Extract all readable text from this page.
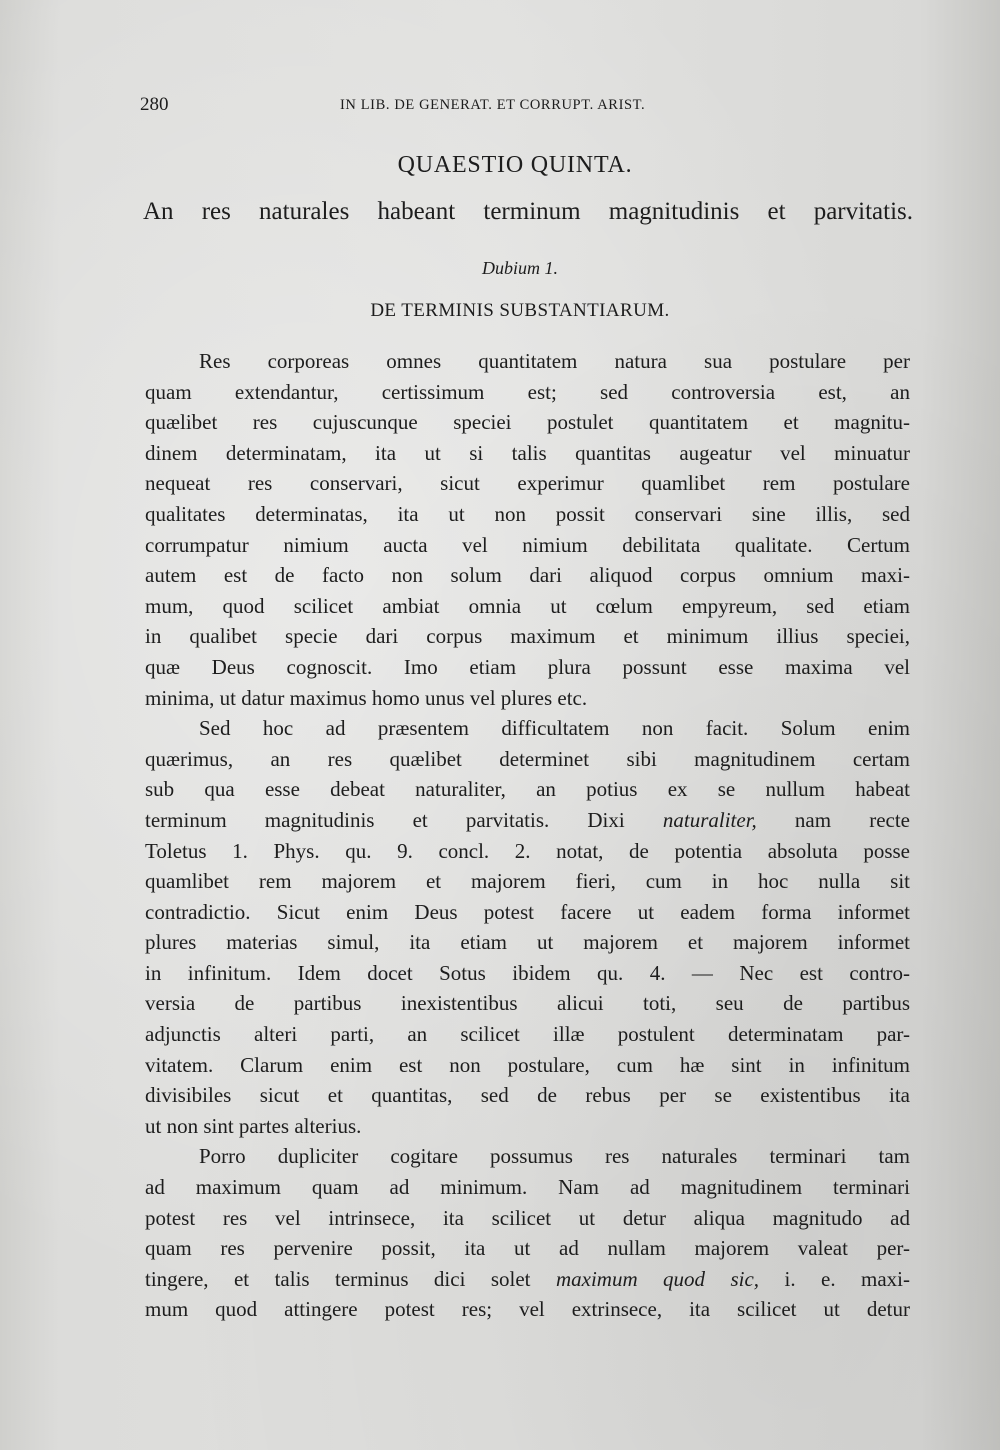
280	IN LIB. DE GENERAT. ET CORRUPT. ARIST.
QUAESTIO QUINTA.
An res naturales habeant terminum magnitudinis et parvitatis.
Dubium 1.
DE TERMINIS SUBSTANTIARUM.
Res corporeas omnes quantitatem natura sua postulare per
quam extendantur, certissimum est; sed controversia est, an
quælibet res cujuscunque speciei postulet quantitatem et magnitu-
dinem determinatam, ita ut si talis quantitas augeatur vel minuatur
nequeat res conservari, sicut experimur quamlibet rem postulare
qualitates determinatas, ita ut non possit conservari sine illis, sed
corrumpatur nimium aucta vel nimium debilitata qualitate. Certum
autem est de facto non solum dari aliquod corpus omnium maxi-
mum, quod scilicet ambiat omnia ut cœlum empyreum, sed etiam
in qualibet specie dari corpus maximum et minimum illius speciei,
quæ Deus cognoscit. Imo etiam plura possunt esse maxima vel
minima, ut datur maximus homo unus vel plures etc.
Sed hoc ad præsentem difficultatem non facit. Solum enim
quærimus, an res quælibet determinet sibi magnitudinem certam
sub qua esse debeat naturaliter, an potius ex se nullum habeat
terminum magnitudinis et parvitatis. Dixi naturaliter, nam recte
Toletus 1. Phys. qu. 9. concl. 2. notat, de potentia absoluta posse
quamlibet rem majorem et majorem fieri, cum in hoc nulla sit
contradictio. Sicut enim Deus potest facere ut eadem forma informet
plures materias simul, ita etiam ut majorem et majorem informet
in infinitum. Idem docet Sotus ibidem qu. 4. — Nec est contro-
versia de partibus inexistentibus alicui toti, seu de partibus
adjunctis alteri parti, an scilicet illæ postulent determinatam par-
vitatem. Clarum enim est non postulare, cum hæ sint in infinitum
divisibiles sicut et quantitas, sed de rebus per se existentibus ita
ut non sint partes alterius.
Porro dupliciter cogitare possumus res naturales terminari tam
ad maximum quam ad minimum. Nam ad magnitudinem terminari
potest res vel intrinsece, ita scilicet ut detur aliqua magnitudo ad
quam res pervenire possit, ita ut ad nullam majorem valeat per-
tingere, et talis terminus dici solet maximum quod sic, i. e. maxi-
mum quod attingere potest res; vel extrinsece, ita scilicet ut detur
